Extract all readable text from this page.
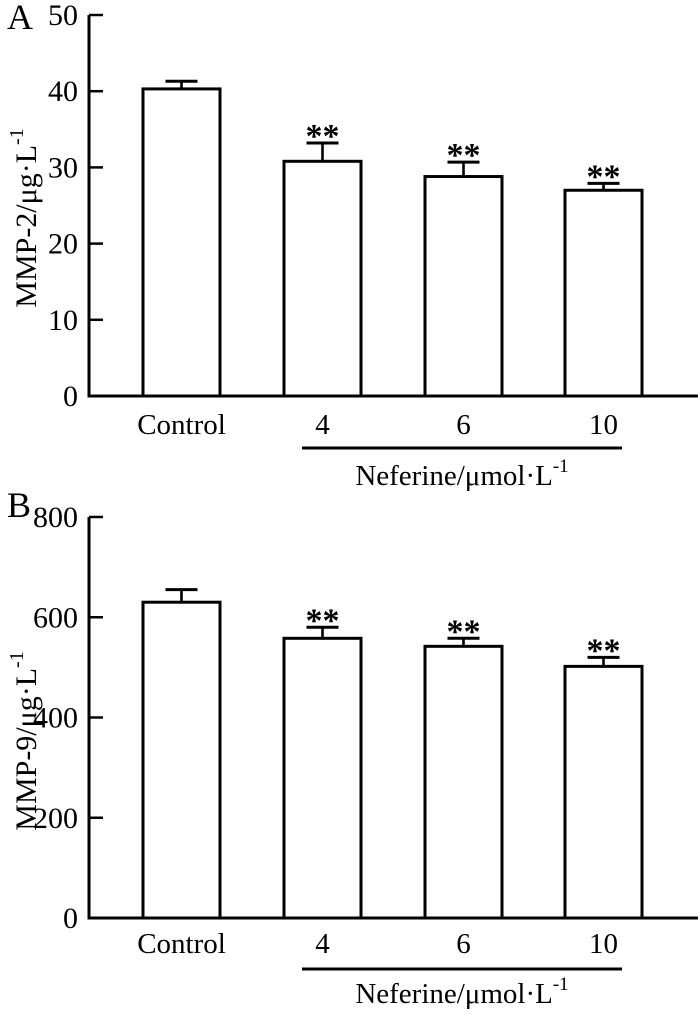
A
MMP-$2/\mu g\cdot L^{-1}$
0
10
20
30
40
50
Control
**
4
**
6
**
10
Neferine/$\mu mol\cdot L^{-1}$
B
MMP-$9/\mu g\cdot L^{-1}$
0
200
400
600
800
Control
**
4
**
6
**
10
Neferine/$\mu mol\cdot L^{-1}$
